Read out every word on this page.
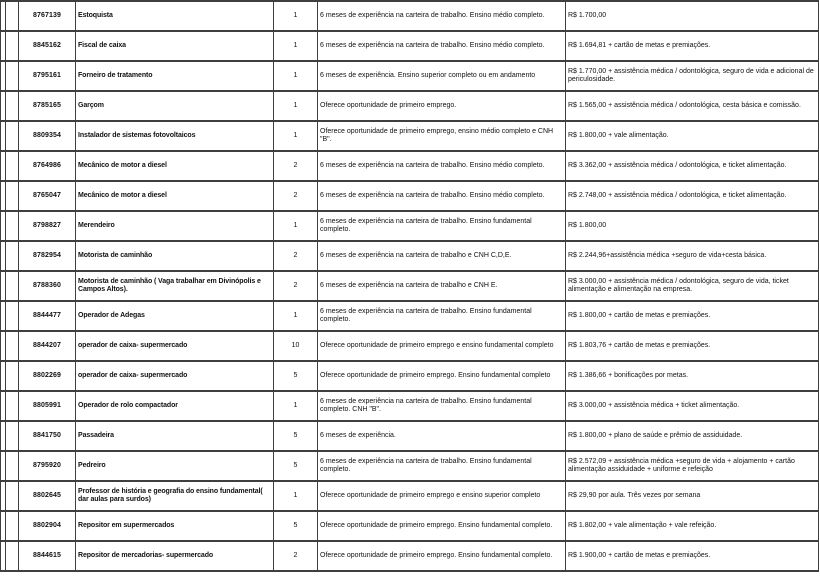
		8767139	Estoquista	1	6 meses de experiência na carteira de trabalho. Ensino médio completo.	R$ 1.700,00
		8845162	Fiscal de caixa	1	6 meses de experiência na carteira de trabalho. Ensino médio completo.	R$ 1.694,81 + cartão de metas e premiações.
		8795161	Forneiro de tratamento	1	6 meses de experiência. Ensino superior completo ou em andamento	R$ 1.770,00 + assistência médica / odontológica, seguro de vida e adicional de periculosidade.
		8785165	Garçom	1	Oferece oportunidade de primeiro emprego.	R$ 1.565,00 + assistência médica / odontológica, cesta básica e comissão.
		8809354	Instalador de sistemas fotovoltaicos	1	Oferece oportunidade de primeiro emprego, ensino médio completo e CNH "B".	R$ 1.800,00 + vale alimentação.
		8764986	Mecânico de motor a diesel	2	6 meses de experiência na carteira de trabalho. Ensino médio completo.	R$ 3.362,00 + assistência médica / odontológica, e ticket alimentação.
		8765047	Mecânico de motor a diesel	2	6 meses de experiência na carteira de trabalho. Ensino médio completo.	R$ 2.748,00 + assistência médica / odontológica, e ticket alimentação.
		8798827	Merendeiro	1	6 meses de experiência na carteira de trabalho. Ensino fundamental completo.	R$ 1.800,00
		8782954	Motorista de caminhão	2	6 meses de experiência na carteira de trabalho e CNH C,D,E.	R$ 2.244,96+assistência médica +seguro de vida+cesta básica.
		8788360	Motorista de caminhão ( Vaga trabalhar em Divinópolis e Campos Altos).	2	6 meses de experiência na carteira de trabalho e CNH E.	R$ 3.000,00 + assistência médica / odontológica, seguro de vida, ticket alimentação e alimentação na empresa.
		8844477	Operador de Adegas	1	6 meses de experiência na carteira de trabalho. Ensino fundamental completo.	R$ 1.800,00 + cartão de metas e premiações.
		8844207	operador de caixa- supermercado	10	Oferece oportunidade de primeiro emprego e ensino fundamental completo	R$ 1.803,76 + cartão de metas e premiações.
		8802269	operador de caixa- supermercado	5	Oferece oportunidade de primeiro emprego. Ensino fundamental completo	R$ 1.386,66 + bonificações por metas.
		8805991	Operador de rolo compactador	1	6 meses de experiência na carteira de trabalho. Ensino fundamental completo. CNH "B".	R$ 3.000,00 + assistência médica + ticket alimentação.
		8841750	Passadeira	5	6 meses de experiência.	R$ 1.800,00 + plano de saúde e prêmio de assiduidade.
		8795920	Pedreiro	5	6 meses de experiência na carteira de trabalho. Ensino fundamental completo.	R$ 2.572,09 + assistência médica +seguro de vida + alojamento + cartão alimentação assiduidade + uniforme e refeição
		8802645	Professor de história e geografia do ensino fundamental( dar aulas para surdos)	1	Oferece oportunidade de primeiro emprego e ensino superior completo	R$ 29,90 por aula. Três vezes por semana
		8802904	Repositor em supermercados	5	Oferece oportunidade de primeiro emprego. Ensino fundamental completo.	R$ 1.802,00 + vale alimentação + vale refeição.
		8844615	Repositor de mercadorias- supermercado	2	Oferece oportunidade de primeiro emprego. Ensino fundamental completo.	R$ 1.900,00 + cartão de metas e premiações.
